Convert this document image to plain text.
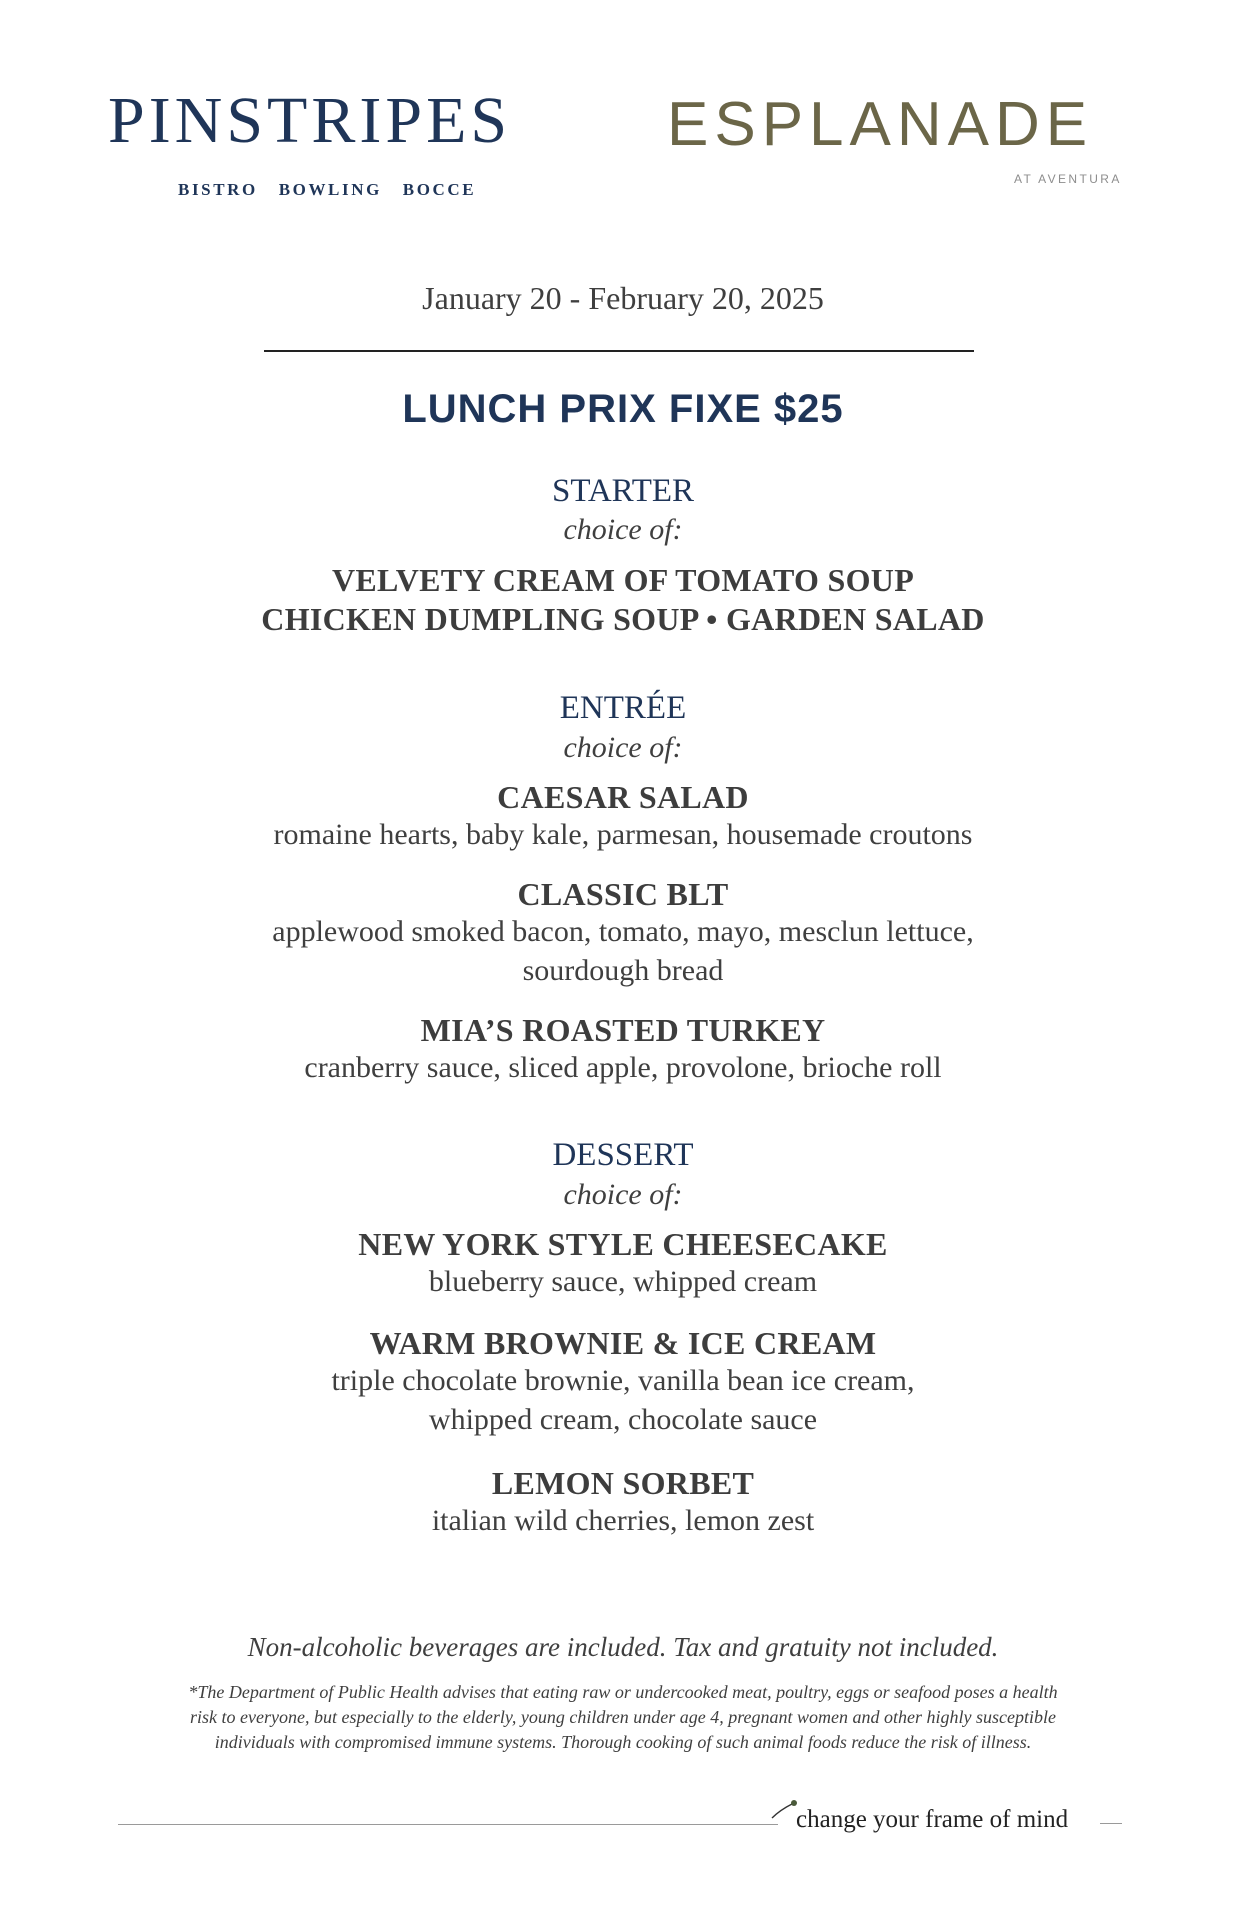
PINSTRIPES
BISTRO BOWLING BOCCE
ESPLANADE
AT AVENTURA
January 20 - February 20, 2025
LUNCH PRIX FIXE $25
STARTER
choice of:
VELVETY CREAM OF TOMATO SOUP
CHICKEN DUMPLING SOUP • GARDEN SALAD
ENTRÉE
choice of:
CAESAR SALAD
romaine hearts, baby kale, parmesan, housemade croutons
CLASSIC BLT
applewood smoked bacon, tomato, mayo, mesclun lettuce,
sourdough bread
MIA’S ROASTED TURKEY
cranberry sauce, sliced apple, provolone, brioche roll
DESSERT
choice of:
NEW YORK STYLE CHEESECAKE
blueberry sauce, whipped cream
WARM BROWNIE & ICE CREAM
triple chocolate brownie, vanilla bean ice cream,
whipped cream, chocolate sauce
LEMON SORBET
italian wild cherries, lemon zest
Non-alcoholic beverages are included. Tax and gratuity not included.
*The Department of Public Health advises that eating raw or undercooked meat, poultry, eggs or seafood poses a health
risk to everyone, but especially to the elderly, young children under age 4, pregnant women and other highly susceptible
individuals with compromised immune systems. Thorough cooking of such animal foods reduce the risk of illness.
change your frame of mind
